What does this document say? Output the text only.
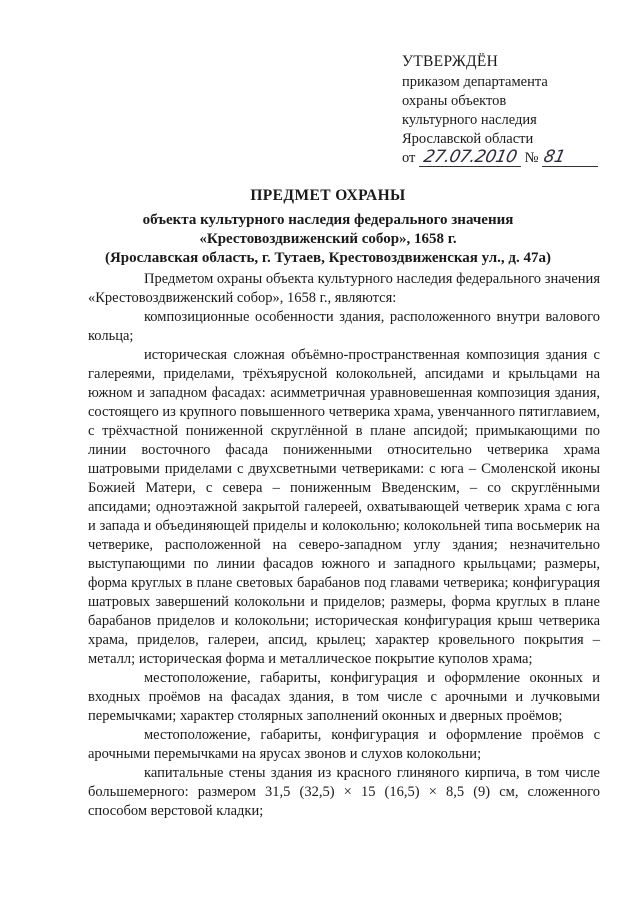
УТВЕРЖДЁН
приказом департамента
охраны объектов
культурного наследия
Ярославской области
от 27.07.2010 № 81
ПРЕДМЕТ ОХРАНЫ
объекта культурного наследия федерального значения
«Крестовоздвиженский собор», 1658 г.
(Ярославская область, г. Тутаев, Крестовоздвиженская ул., д. 47а)

Предметом охраны объекта культурного наследия федерального значения «Крестовоздвиженский собор», 1658 г., являются:

композиционные особенности здания, расположенного внутри валового кольца;

историческая сложная объёмно-пространственная композиция здания с галереями, приделами, трёхъярусной колокольней, апсидами и крыльцами на южном и западном фасадах: асимметричная уравновешенная композиция здания, состоящего из крупного повышенного четверика храма, увенчанного пятиглавием, с трёхчастной пониженной скруглённой в плане апсидой; примыкающими по линии восточного фасада пониженными относительно четверика храма шатровыми приделами с двухсветными четвериками: с юга – Смоленской иконы Божией Матери, с севера – пониженным Введенским, – со скруглёнными апсидами; одноэтажной закрытой галереей, охватывающей четверик храма с юга и запада и объединяющей приделы и колокольню; колокольней типа восьмерик на четверике, расположенной на северо-западном углу здания; незначительно выступающими по линии фасадов южного и западного крыльцами; размеры, форма круглых в плане световых барабанов под главами четверика; конфигурация шатровых завершений колокольни и приделов; размеры, форма круглых в плане барабанов приделов и колокольни; историческая конфигурация крыш четверика храма, приделов, галереи, апсид, крылец; характер кровельного покрытия – металл; историческая форма и металлическое покрытие куполов храма;

местоположение, габариты, конфигурация и оформление оконных и входных проёмов на фасадах здания, в том числе с арочными и лучковыми перемычками; характер столярных заполнений оконных и дверных проёмов;

местоположение, габариты, конфигурация и оформление проёмов с арочными перемычками на ярусах звонов и слухов колокольни;

капитальные стены здания из красного глиняного кирпича, в том числе большемерного: размером 31,5 (32,5) × 15 (16,5) × 8,5 (9) см, сложенного способом верстовой кладки;
